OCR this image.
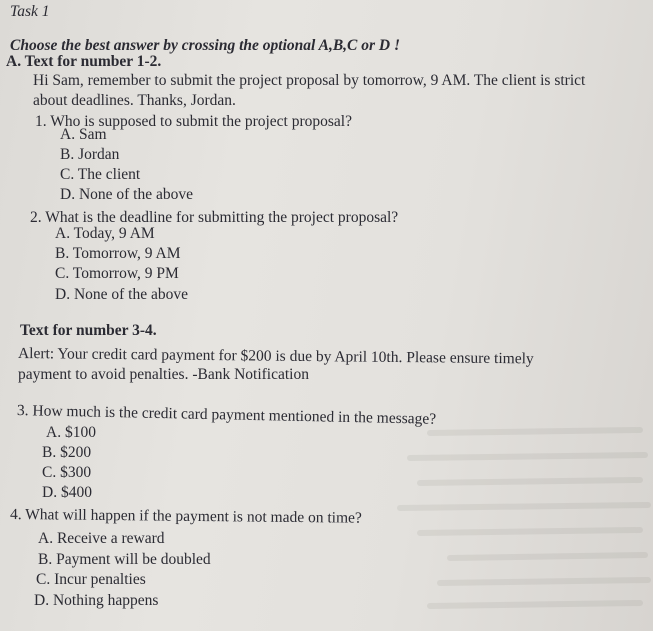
Task 1
Choose the best answer by crossing the optional A,B,C or D !
A. Text for number 1-2.
Hi Sam, remember to submit the project proposal by tomorrow, 9 AM. The client is strict
about deadlines. Thanks, Jordan.
1. Who is supposed to submit the project proposal?
A. Sam
B. Jordan
C. The client
D. None of the above
2. What is the deadline for submitting the project proposal?
A. Today, 9 AM
B. Tomorrow, 9 AM
C. Tomorrow, 9 PM
D. None of the above
Text for number 3-4.
Alert: Your credit card payment for $200 is due by April 10th. Please ensure timely
payment to avoid penalties. -Bank Notification
3. How much is the credit card payment mentioned in the message?
A. $100
B. $200
C. $300
D. $400
4. What will happen if the payment is not made on time?
A. Receive a reward
B. Payment will be doubled
C. Incur penalties
D. Nothing happens
